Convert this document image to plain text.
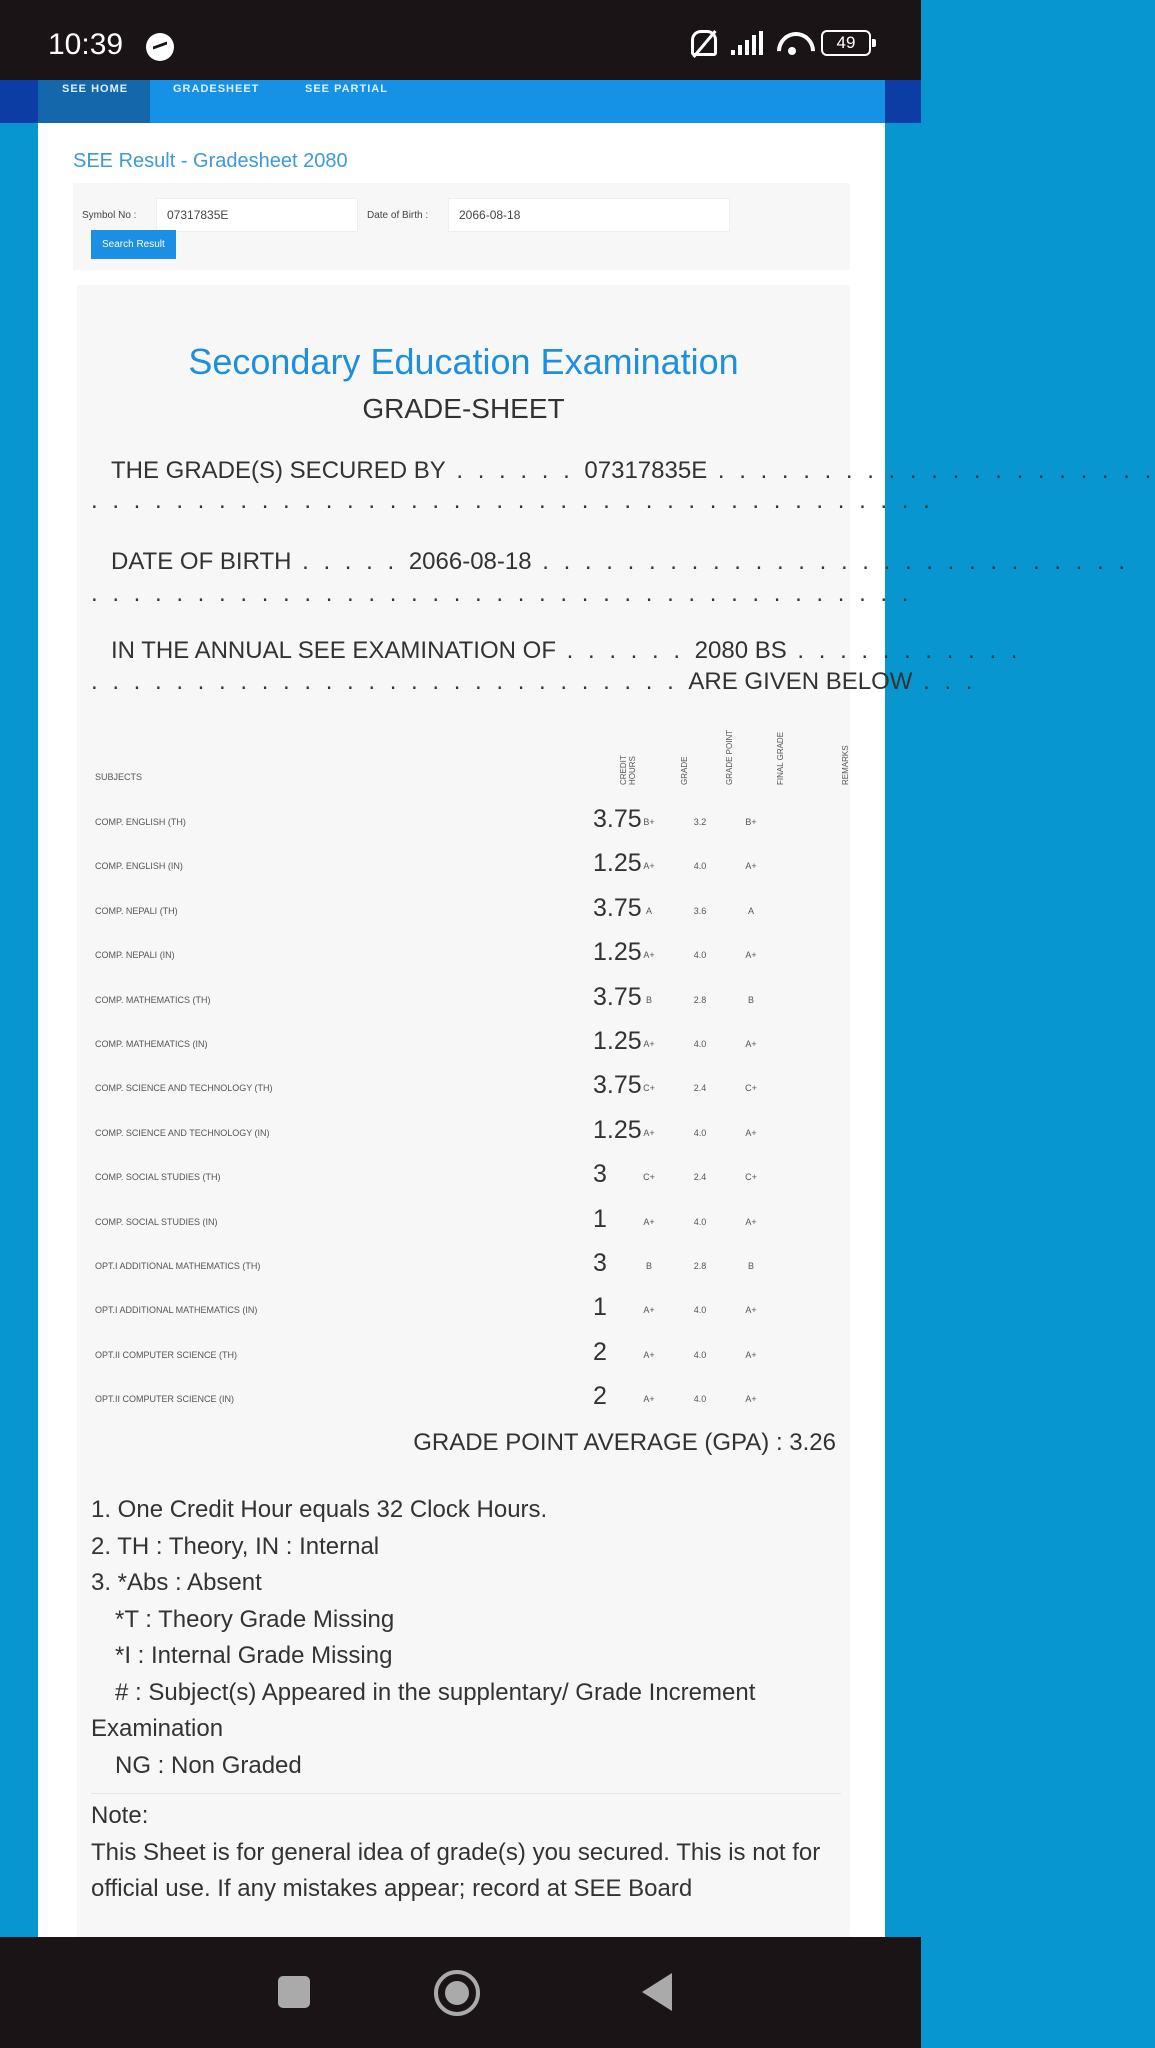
10:39	49
SEE HOME	GRADESHEET	SEE PARTIAL
SEE Result - Gradesheet 2080
Symbol No :	07317835E	Date of Birth :	2066-08-18
Search Result
Secondary Education Examination
GRADE-SHEET
THE GRADE(S) SECURED BY . . . . . . 07317835E . . . . . . . . . . . . . . . . . . . . .
. . . . . . . . . . . . . . . . . . . . . . . . . . . . . . . . . . . . . . . .
DATE OF BIRTH . . . . . 2066-08-18 . . . . . . . . . . . . . . . . . . . . . . . . . . . .
. . . . . . . . . . . . . . . . . . . . . . . . . . . . . . . . . . . . . . .
IN THE ANNUAL SEE EXAMINATION OF . . . . . . 2080 BS . . . . . . . . . . .
. . . . . . . . . . . . . . . . . . . . . . . . . . . . ARE GIVEN BELOW . . .
SUBJECTS	CREDIT HOURS	GRADE	GRADE POINT	FINAL GRADE	REMARKS
COMP. ENGLISH (TH)	3.75 B+	3.2	B+
COMP. ENGLISH (IN)	1.25 A+	4.0	A+
COMP. NEPALI (TH)	3.75 A	3.6	A
COMP. NEPALI (IN)	1.25 A+	4.0	A+
COMP. MATHEMATICS (TH)	3.75 B	2.8	B
COMP. MATHEMATICS (IN)	1.25 A+	4.0	A+
COMP. SCIENCE AND TECHNOLOGY (TH)	3.75 C+	2.4	C+
COMP. SCIENCE AND TECHNOLOGY (IN)	1.25 A+	4.0	A+
COMP. SOCIAL STUDIES (TH)	3	C+	2.4	C+
COMP. SOCIAL STUDIES (IN)	1	A+	4.0	A+
OPT.I ADDITIONAL MATHEMATICS (TH)	3	B	2.8	B
OPT.I ADDITIONAL MATHEMATICS (IN)	1	A+	4.0	A+
OPT.II COMPUTER SCIENCE (TH)	2	A+	4.0	A+
OPT.II COMPUTER SCIENCE (IN)	2	A+	4.0	A+
GRADE POINT AVERAGE (GPA) : 3.26
1. One Credit Hour equals 32 Clock Hours.
2. TH : Theory, IN : Internal
3. *Abs : Absent
*T : Theory Grade Missing
*I : Internal Grade Missing
# : Subject(s) Appeared in the supplentary/ Grade Increment Examination
NG : Non Graded
Note:
This Sheet is for general idea of grade(s) you secured. This is not for official use. If any mistakes appear; record at SEE Board
